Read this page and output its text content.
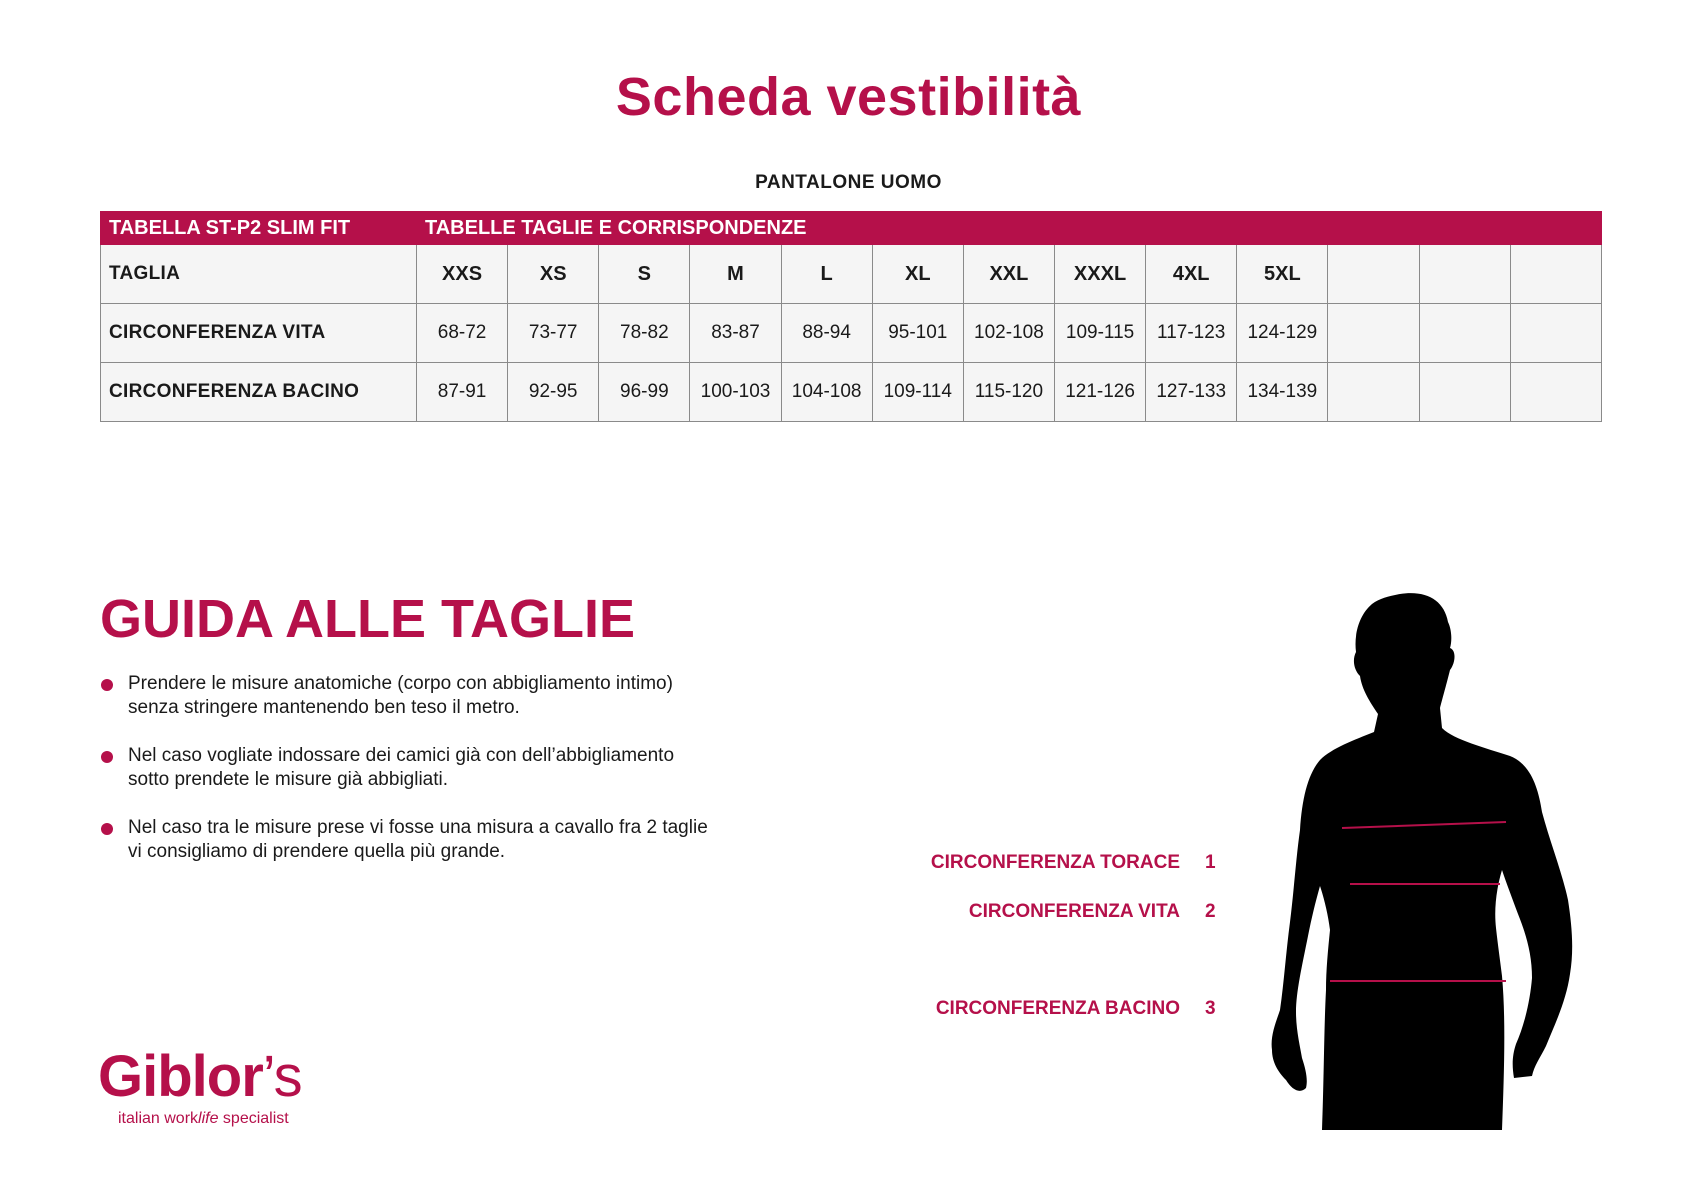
Scheda vestibilità
PANTALONE UOMO
TABELLA ST-P2 SLIM FIT	TABELLE TAGLIE E CORRISPONDENZE												
TAGLIA	XXS	XS	S	M	L	XL	XXL	XXXL	4XL	5XL			
CIRCONFERENZA VITA	68-72	73-77	78-82	83-87	88-94	95-101	102-108	109-115	117-123	124-129			
CIRCONFERENZA BACINO	87-91	92-95	96-99	100-103	104-108	109-114	115-120	121-126	127-133	134-139			
GUIDA ALLE TAGLIE
Prendere le misure anatomiche (corpo con abbigliamento intimo)
senza stringere mantenendo ben teso il metro.
Nel caso vogliate indossare dei camici già con dell’abbigliamento
sotto prendete le misure già abbigliati.
Nel caso tra le misure prese vi fosse una misura a cavallo fra 2 taglie
vi consigliamo di prendere quella più grande.
CIRCONFERENZA TORACE 1
CIRCONFERENZA VITA 2
CIRCONFERENZA BACINO 3
Giblor’s
italian worklife specialist
